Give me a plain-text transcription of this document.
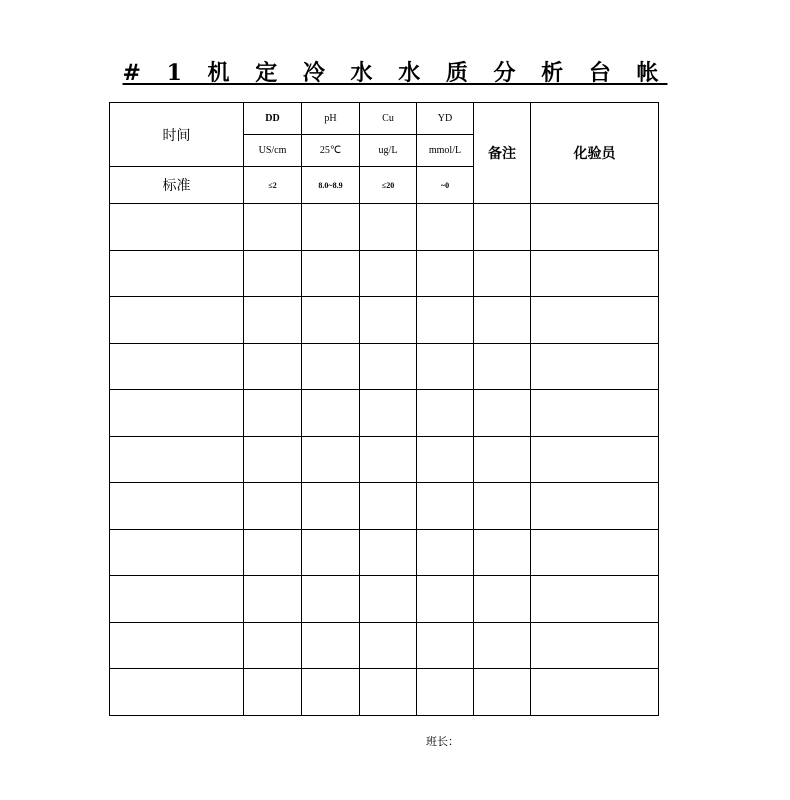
# 1 机 定 冷 水 水 质 分 析 台 帐
时间	DD	pH	Cu	YD	备注	化验员
	US/cm	25℃	ug/L	mmol/L		
标准	≤2	8.0~8.9	≤20	~0		

班长：
